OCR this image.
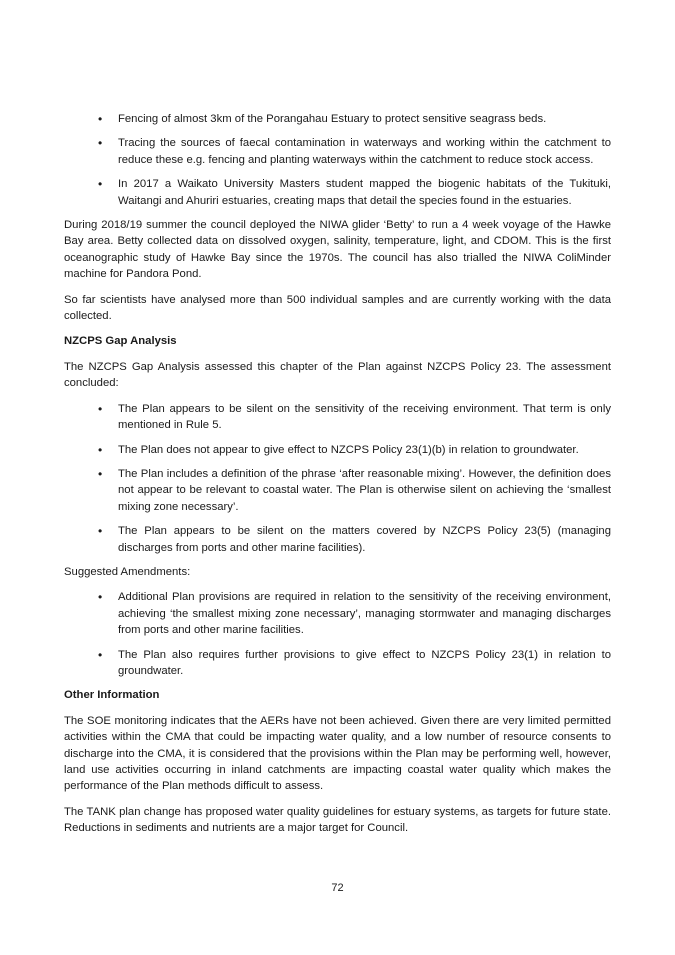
• Fencing of almost 3km of the Porangahau Estuary to protect sensitive seagrass beds.
• Tracing the sources of faecal contamination in waterways and working within the catchment to reduce these e.g. fencing and planting waterways within the catchment to reduce stock access.
• In 2017 a Waikato University Masters student mapped the biogenic habitats of the Tukituki, Waitangi and Ahuriri estuaries, creating maps that detail the species found in the estuaries.

During 2018/19 summer the council deployed the NIWA glider ‘Betty’ to run a 4 week voyage of the Hawke Bay area. Betty collected data on dissolved oxygen, salinity, temperature, light, and CDOM. This is the first oceanographic study of Hawke Bay since the 1970s. The council has also trialled the NIWA ColiMinder machine for Pandora Pond.

So far scientists have analysed more than 500 individual samples and are currently working with the data collected.

NZCPS Gap Analysis

The NZCPS Gap Analysis assessed this chapter of the Plan against NZCPS Policy 23. The assessment concluded:

• The Plan appears to be silent on the sensitivity of the receiving environment. That term is only mentioned in Rule 5.
• The Plan does not appear to give effect to NZCPS Policy 23(1)(b) in relation to groundwater.
• The Plan includes a definition of the phrase ‘after reasonable mixing’. However, the definition does not appear to be relevant to coastal water. The Plan is otherwise silent on achieving the ‘smallest mixing zone necessary’.
• The Plan appears to be silent on the matters covered by NZCPS Policy 23(5) (managing discharges from ports and other marine facilities).

Suggested Amendments:

• Additional Plan provisions are required in relation to the sensitivity of the receiving environment, achieving ‘the smallest mixing zone necessary’, managing stormwater and managing discharges from ports and other marine facilities.
• The Plan also requires further provisions to give effect to NZCPS Policy 23(1) in relation to groundwater.
Other Information

The SOE monitoring indicates that the AERs have not been achieved. Given there are very limited permitted activities within the CMA that could be impacting water quality, and a low number of resource consents to discharge into the CMA, it is considered that the provisions within the Plan may be performing well, however, land use activities occurring in inland catchments are impacting coastal water quality which makes the performance of the Plan methods difficult to assess.

The TANK plan change has proposed water quality guidelines for estuary systems, as targets for future state. Reductions in sediments and nutrients are a major target for Council.

72
